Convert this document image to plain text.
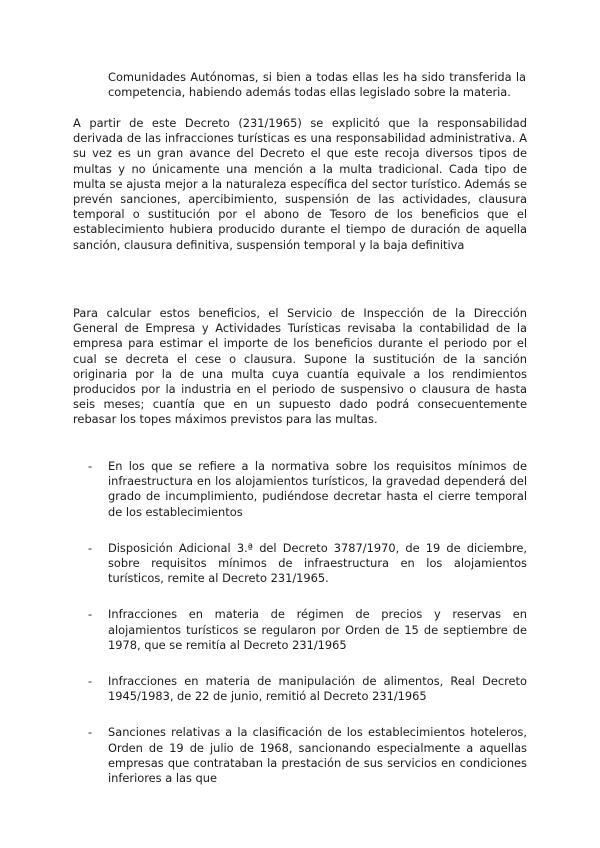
Comunidades Autónomas, si bien a todas ellas les ha sido transferida la competencia, habiendo además todas ellas legislado sobre la materia.

A partir de este Decreto (231/1965) se explicitó que la responsabilidad derivada de las infracciones turísticas es una responsabilidad administrativa. A su vez es un gran avance del Decreto el que este recoja diversos tipos de multas y no únicamente una mención a la multa tradicional. Cada tipo de multa se ajusta mejor a la naturaleza específica del sector turístico. Además se prevén sanciones, apercibimiento, suspensión de las actividades, clausura temporal o sustitución por el abono de Tesoro de los beneficios que el establecimiento hubiera producido durante el tiempo de duración de aquella sanción, clausura definitiva, suspensión temporal y la baja definitiva

Para calcular estos beneficios, el Servicio de Inspección de la Dirección General de Empresa y Actividades Turísticas revisaba la contabilidad de la empresa para estimar el importe de los beneficios durante el periodo por el cual se decreta el cese o clausura. Supone la sustitución de la sanción originaria por la de una multa cuya cuantía equivale a los rendimientos producidos por la industria en el periodo de suspensivo o clausura de hasta seis meses; cuantía que en un supuesto dado podrá consecuentemente rebasar los topes máximos previstos para las multas.

- En los que se refiere a la normativa sobre los requisitos mínimos de infraestructura en los alojamientos turísticos, la gravedad dependerá del grado de incumplimiento, pudiéndose decretar hasta el cierre temporal de los establecimientos
- Disposición Adicional 3.ª del Decreto 3787/1970, de 19 de diciembre, sobre requisitos mínimos de infraestructura en los alojamientos turísticos, remite al Decreto 231/1965.
- Infracciones en materia de régimen de precios y reservas en alojamientos turísticos se regularon por Orden de 15 de septiembre de 1978, que se remitía al Decreto 231/1965
- Infracciones en materia de manipulación de alimentos, Real Decreto 1945/1983, de 22 de junio, remitió al Decreto 231/1965
- Sanciones relativas a la clasificación de los establecimientos hoteleros, Orden de 19 de julio de 1968, sancionando especialmente a aquellas empresas que contrataban la prestación de sus servicios en condiciones inferiores a las que
